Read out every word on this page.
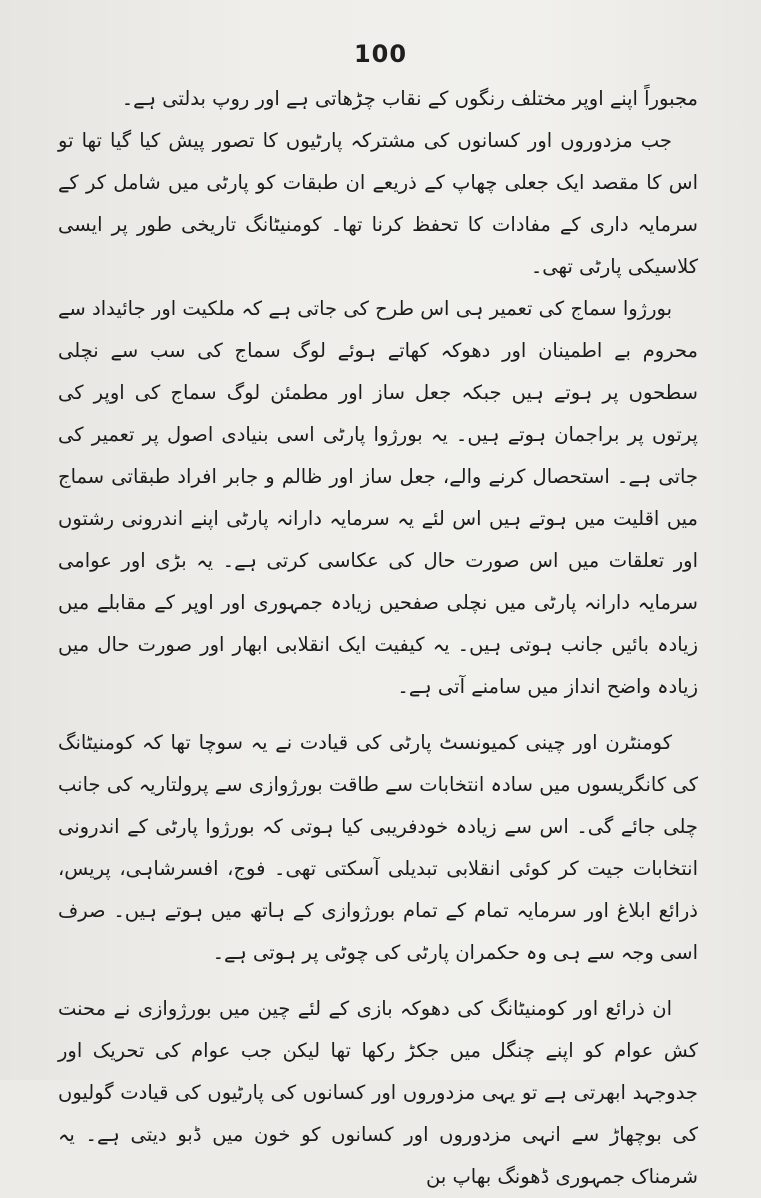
100

مجبوراً اپنے اوپر مختلف رنگوں کے نقاب چڑھاتی ہے اور روپ بدلتی ہے۔

جب مزدوروں اور کسانوں کی مشترکہ پارٹیوں کا تصور پیش کیا گیا تھا تو اس کا مقصد ایک جعلی چھاپ کے ذریعے ان طبقات کو پارٹی میں شامل کر کے سرمایہ داری کے مفادات کا تحفظ کرنا تھا۔ کومنیٹانگ تاریخی طور پر ایسی کلاسیکی پارٹی تھی۔

بورژوا سماج کی تعمیر ہی اس طرح کی جاتی ہے کہ ملکیت اور جائیداد سے محروم بے اطمینان اور دھوکہ کھاتے ہوئے لوگ سماج کی سب سے نچلی سطحوں پر ہوتے ہیں جبکہ جعل ساز اور مطمئن لوگ سماج کی اوپر کی پرتوں پر براجمان ہوتے ہیں۔ یہ بورژوا پارٹی اسی بنیادی اصول پر تعمیر کی جاتی ہے۔ استحصال کرنے والے، جعل ساز اور ظالم و جابر افراد طبقاتی سماج میں اقلیت میں ہوتے ہیں اس لئے یہ سرمایہ دارانہ پارٹی اپنے اندرونی رشتوں اور تعلقات میں اس صورت حال کی عکاسی کرتی ہے۔ یہ بڑی اور عوامی سرمایہ دارانہ پارٹی میں نچلی صفحیں زیادہ جمہوری اور اوپر کے مقابلے میں زیادہ بائیں جانب ہوتی ہیں۔ یہ کیفیت ایک انقلابی ابھار اور صورت حال میں زیادہ واضح انداز میں سامنے آتی ہے۔

کومنٹرن اور چینی کمیونسٹ پارٹی کی قیادت نے یہ سوچا تھا کہ کومنیٹانگ کی کانگریسوں میں سادہ انتخابات سے طاقت بورژوازی سے پرولتاریہ کی جانب چلی جائے گی۔ اس سے زیادہ خودفریبی کیا ہوتی کہ بورژوا پارٹی کے اندرونی انتخابات جیت کر کوئی انقلابی تبدیلی آسکتی تھی۔ فوج، افسرشاہی، پریس، ذرائع ابلاغ اور سرمایہ تمام کے تمام بورژوازی کے ہاتھ میں ہوتے ہیں۔ صرف اسی وجہ سے ہی وہ حکمران پارٹی کی چوٹی پر ہوتی ہے۔

ان ذرائع اور کومنیٹانگ کی دھوکہ بازی کے لئے چین میں بورژوازی نے محنت کش عوام کو اپنے چنگل میں جکڑ رکھا تھا لیکن جب عوام کی تحریک اور جدوجہد ابھرتی ہے تو یہی مزدوروں اور کسانوں کی پارٹیوں کی قیادت گولیوں کی بوچھاڑ سے انہی مزدوروں اور کسانوں کو خون میں ڈبو دیتی ہے۔ یہ شرمناک جمہوری ڈھونگ بھاپ بن
